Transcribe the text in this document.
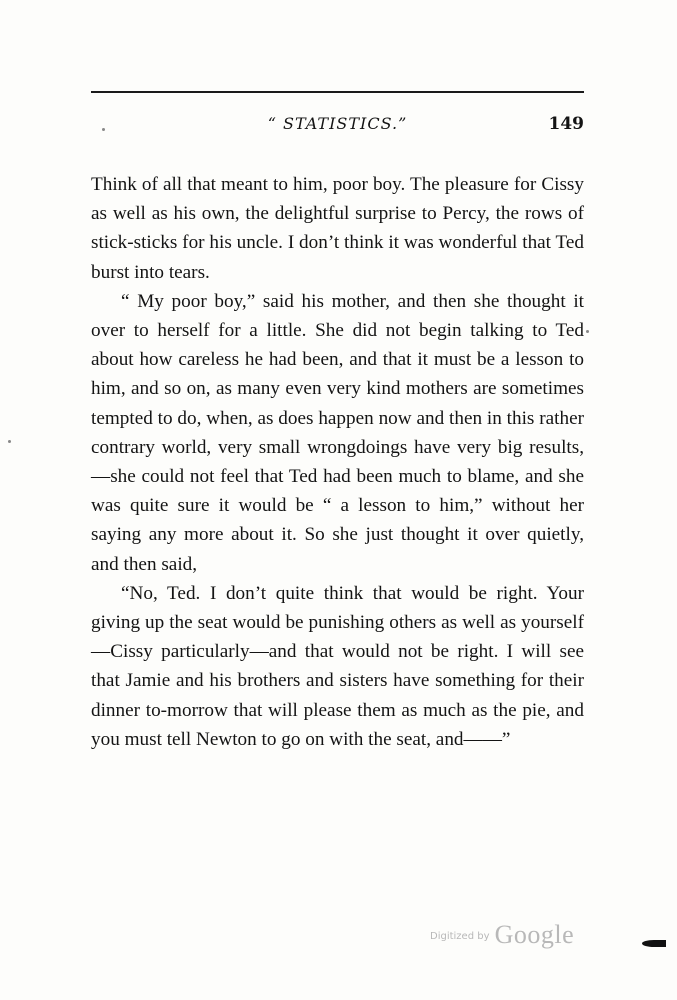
“ STATISTICS.”	149

Think of all that meant to him, poor boy. The pleasure for Cissy as well as his own, the delightful surprise to Percy, the rows of stick-sticks for his uncle. I don’t think it was wonderful that Ted burst into tears.

“ My poor boy,” said his mother, and then she thought it over to herself for a little. She did not begin talking to Ted about how careless he had been, and that it must be a lesson to him, and so on, as many even very kind mothers are sometimes tempted to do, when, as does happen now and then in this rather contrary world, very small wrongdoings have very big results,—she could not feel that Ted had been much to blame, and she was quite sure it would be “ a lesson to him,” without her saying any more about it. So she just thought it over quietly, and then said,

“No, Ted. I don’t quite think that would be right. Your giving up the seat would be punishing others as well as yourself—Cissy particularly—and that would not be right. I will see that Jamie and his brothers and sisters have something for their dinner to-morrow that will please them as much as the pie, and you must tell Newton to go on with the seat, and——”

$^{Digitized by}$ Google
